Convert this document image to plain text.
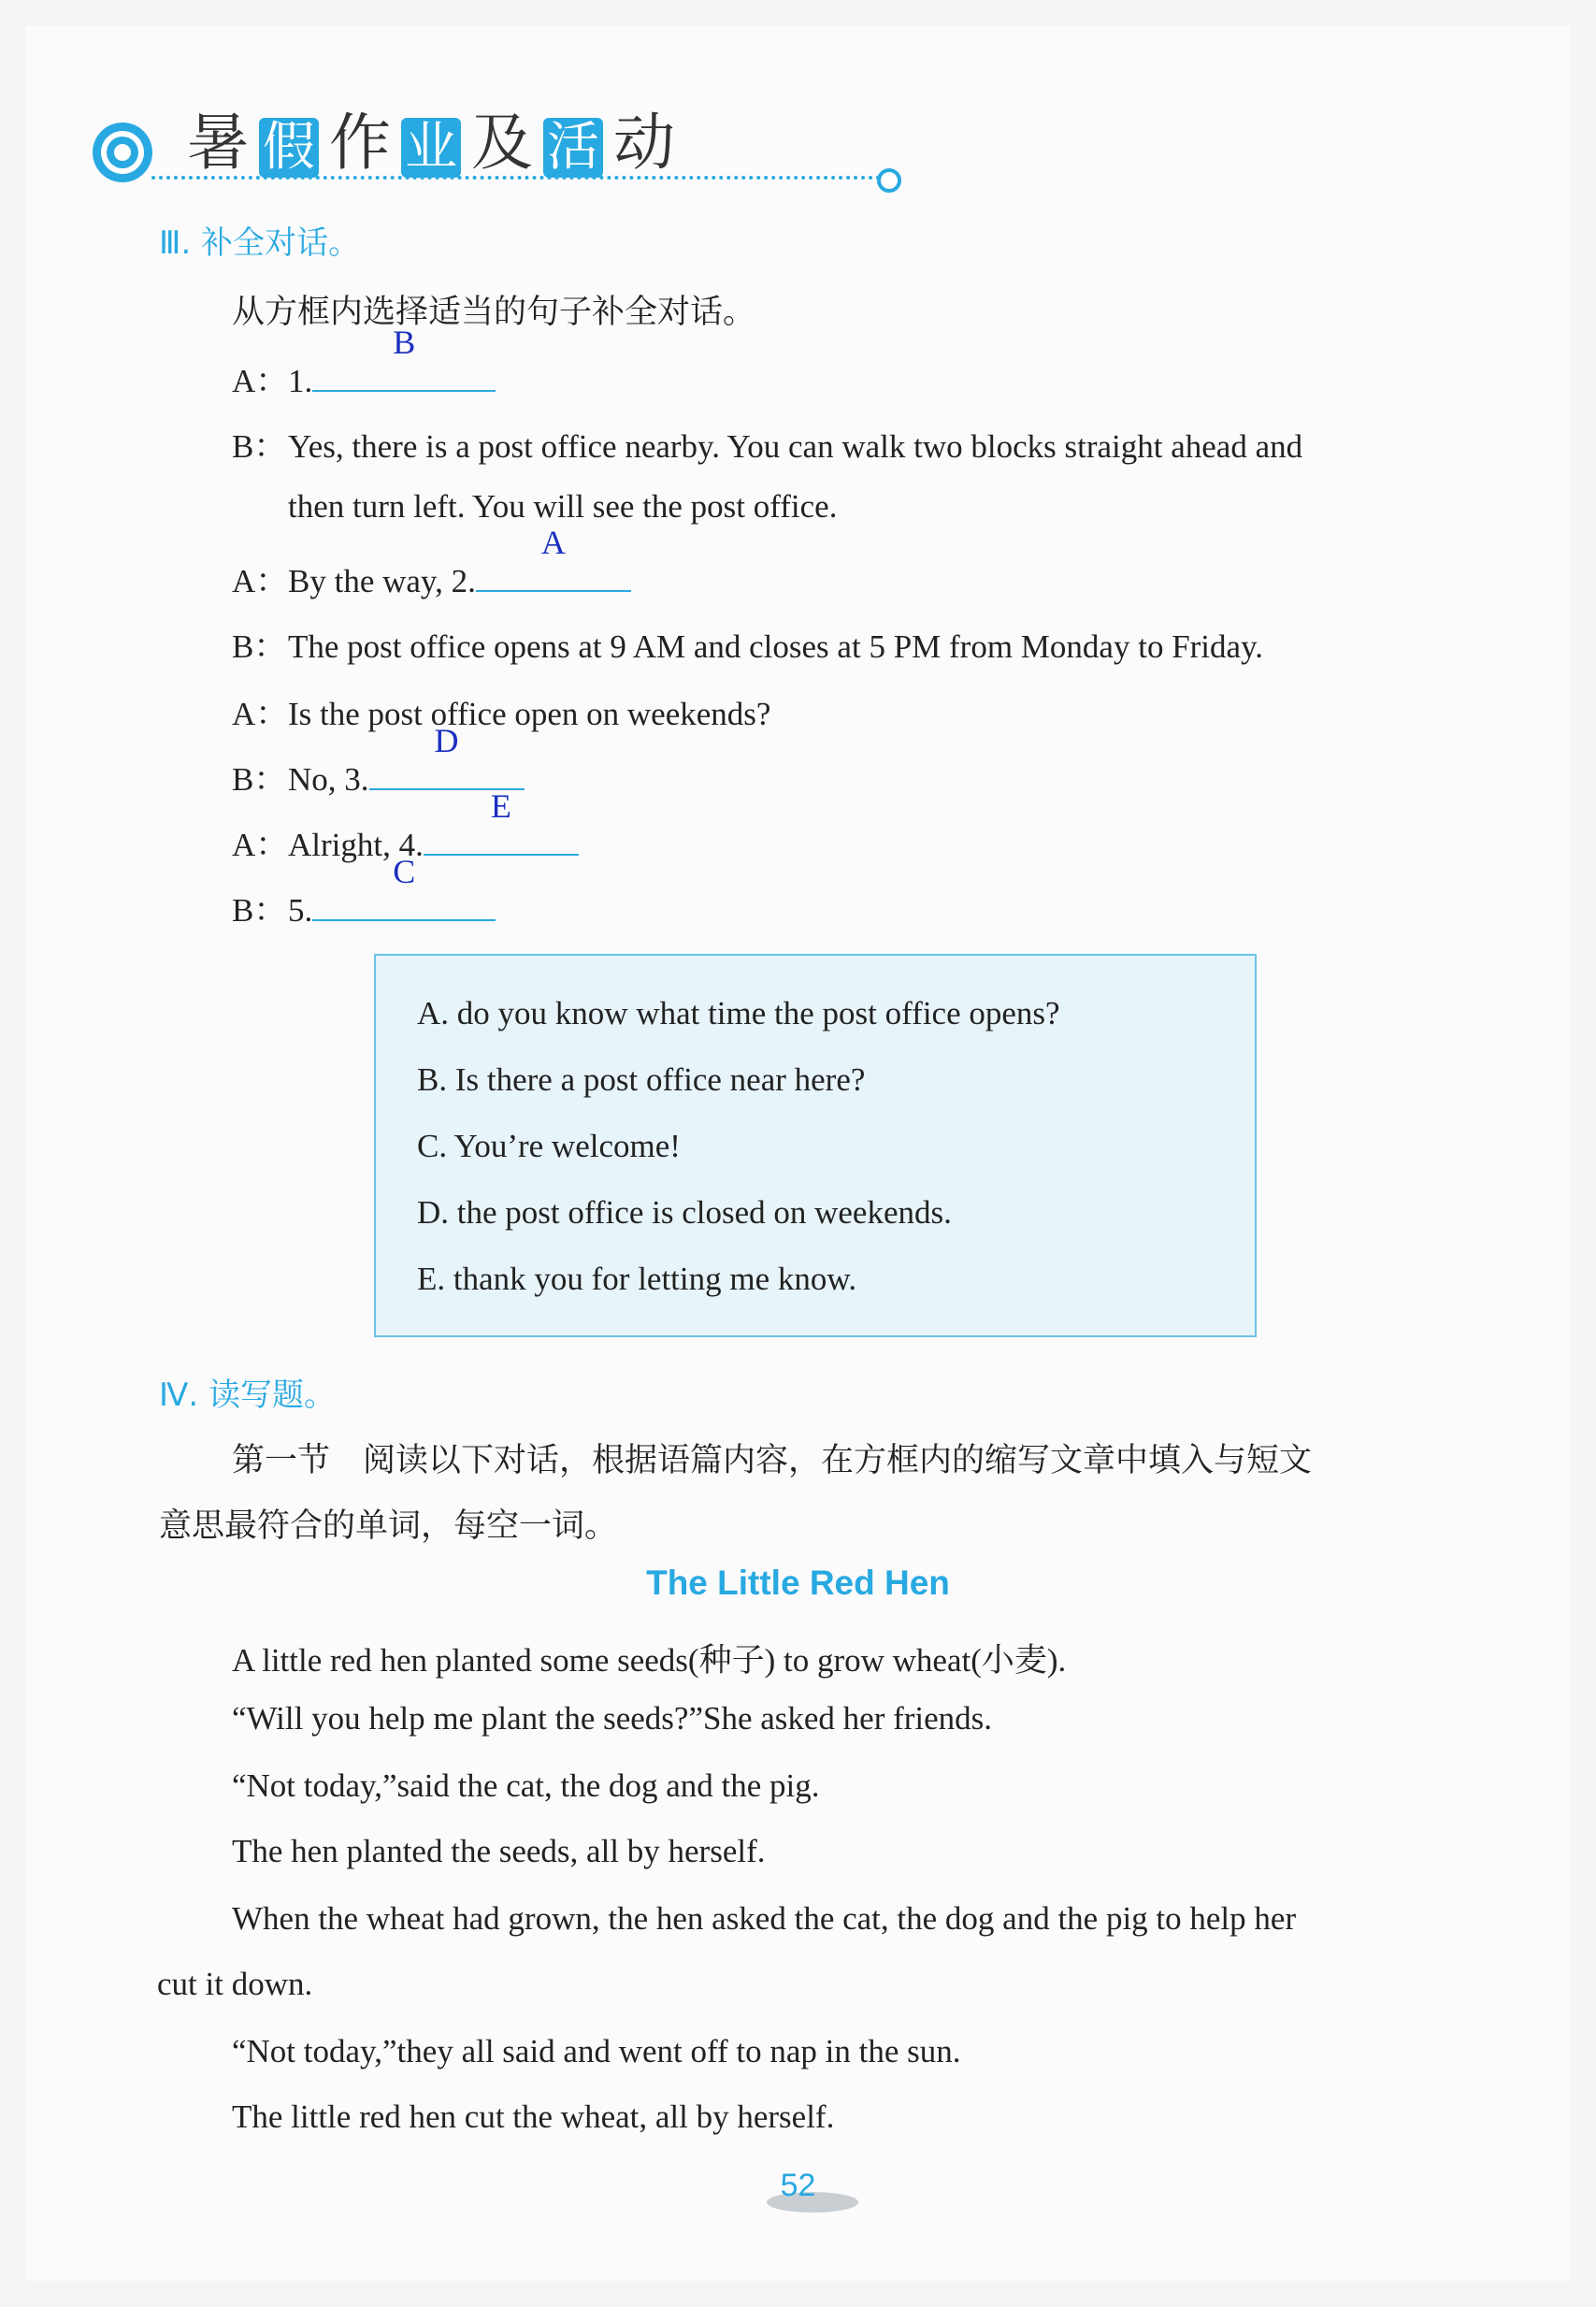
暑 假 作 业 及 活 动
Ⅲ. 补全对话。
从方框内选择适当的句子补全对话。
A：1.
B
B：Yes, there is a post office nearby. You can walk two blocks straight ahead and
then turn left. You will see the post office.
A：By the way, 2.
A
B：The post office opens at 9 AM and closes at 5 PM from Monday to Friday.
A：Is the post office open on weekends?
B：No, 3.
D
A：Alright, 4.
E
B：5.
C
A. do you know what time the post office opens?
B. Is there a post office near here?
C. You’re welcome!
D. the post office is closed on weekends.
E. thank you for letting me know.
Ⅳ. 读写题。
第一节　阅读以下对话，根据语篇内容，在方框内的缩写文章中填入与短文
意思最符合的单词，每空一词。
The Little Red Hen
A little red hen planted some seeds(种子) to grow wheat(小麦).
“Will you help me plant the seeds?”She asked her friends.
“Not today,”said the cat, the dog and the pig.
The hen planted the seeds, all by herself.
When the wheat had grown, the hen asked the cat, the dog and the pig to help her
cut it down.
“Not today,”they all said and went off to nap in the sun.
The little red hen cut the wheat, all by herself.
52
